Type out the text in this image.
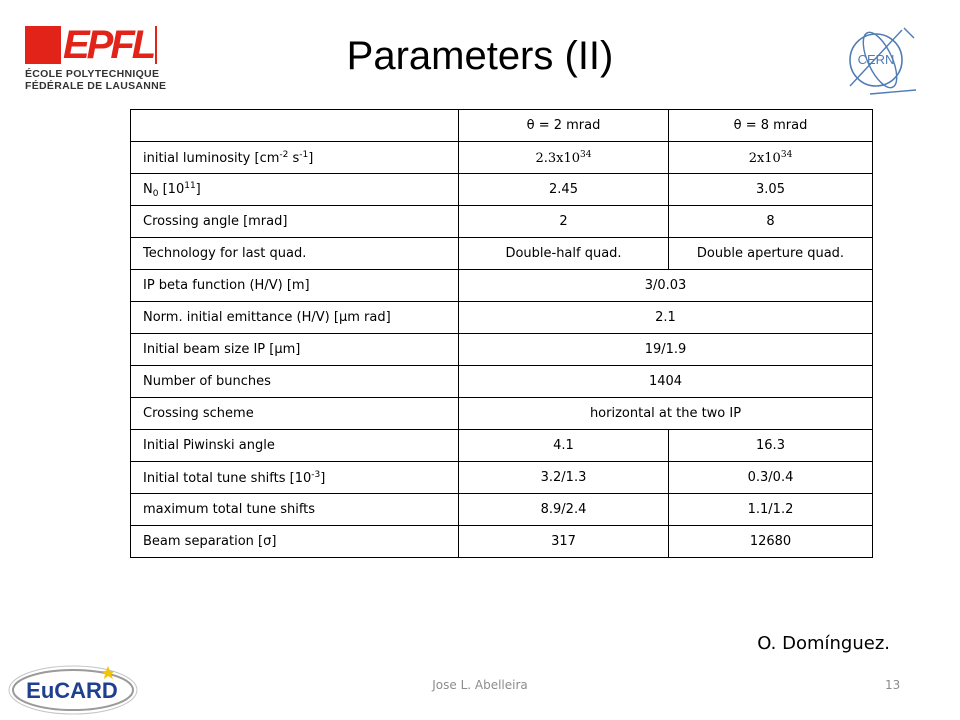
EPFL
ÉCOLE POLYTECHNIQUE
FÉDÉRALE DE LAUSANNE
CERN
Parameters (II)
	θ = 2 mrad	θ = 8 mrad
initial luminosity [$cm^{-2}$ $s^{-1}$]	$2.3x10^{34}$	$2x10^{34}$
$N_0$ $[10^{11}]$	2.45	3.05
Crossing angle [mrad]	2	8
Technology for last quad.	Double-half quad.	Double aperture quad.
IP beta function (H/V) [m]	3/0.03	
Norm. initial emittance (H/V) [μm rad]	2.1	
Initial beam size IP [μm]	19/1.9	
Number of bunches	1404	
Crossing scheme	horizontal at the two IP	
Initial Piwinski angle	4.1	16.3
Initial total tune shifts $[10^{-3}]$	3.2/1.3	0.3/0.4
maximum total tune shifts	8.9/2.4	1.1/1.2
Beam separation [σ]	317	12680
O. Domínguez.
EuCARD	Jose L. Abelleira	13
